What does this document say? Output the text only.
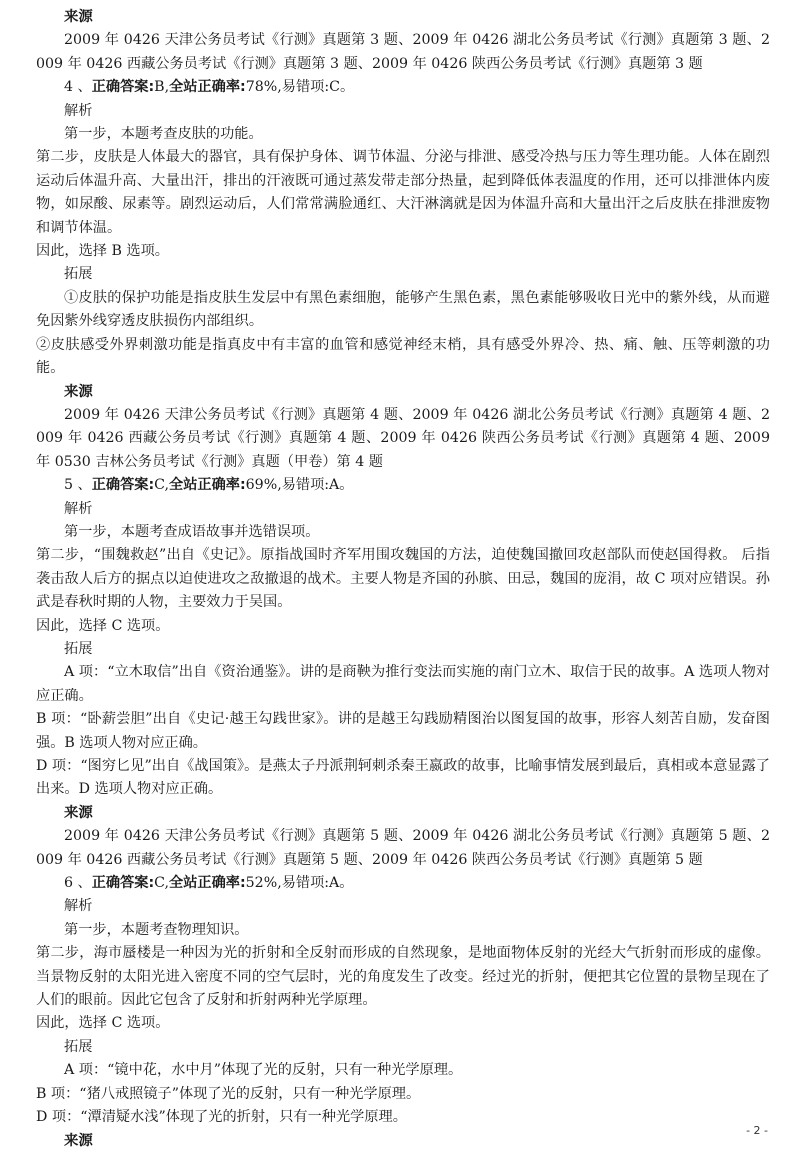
来源

2009 年 0426 天津公务员考试《行测》真题第 3 题、2009 年 0426 湖北公务员考试《行测》真题第 3 题、2009 年 0426 西藏公务员考试《行测》真题第 3 题、2009 年 0426 陕西公务员考试《行测》真题第 3 题

4 、正确答案:B,全站正确率:78%,易错项:C。

解析

第一步，本题考查皮肤的功能。

第二步，皮肤是人体最大的器官，具有保护身体、调节体温、分泌与排泄、感受冷热与压力等生理功能。人体在剧烈运动后体温升高、大量出汗，排出的汗液既可通过蒸发带走部分热量，起到降低体表温度的作用，还可以排泄体内废物，如尿酸、尿素等。剧烈运动后，人们常常满脸通红、大汗淋漓就是因为体温升高和大量出汗之后皮肤在排泄废物和调节体温。

因此，选择 B 选项。

拓展

①皮肤的保护功能是指皮肤生发层中有黑色素细胞，能够产生黑色素，黑色素能够吸收日光中的紫外线，从而避免因紫外线穿透皮肤损伤内部组织。

②皮肤感受外界刺激功能是指真皮中有丰富的血管和感觉神经末梢，具有感受外界冷、热、痛、触、压等刺激的功能。

来源

2009 年 0426 天津公务员考试《行测》真题第 4 题、2009 年 0426 湖北公务员考试《行测》真题第 4 题、2009 年 0426 西藏公务员考试《行测》真题第 4 题、2009 年 0426 陕西公务员考试《行测》真题第 4 题、2009 年 0530 吉林公务员考试《行测》真题（甲卷）第 4 题

5 、正确答案:C,全站正确率:69%,易错项:A。

解析

第一步，本题考查成语故事并选错误项。

第二步，“围魏救赵”出自《史记》。原指战国时齐军用围攻魏国的方法，迫使魏国撤回攻赵部队而使赵国得救。 后指袭击敌人后方的据点以迫使进攻之敌撤退的战术。主要人物是齐国的孙膑、田忌，魏国的庞涓，故 C 项对应错误。孙武是春秋时期的人物，主要效力于吴国。

因此，选择 C 选项。

拓展

A 项：“立木取信”出自《资治通鉴》。讲的是商鞅为推行变法而实施的南门立木、取信于民的故事。A 选项人物对应正确。

B 项：“卧薪尝胆”出自《史记·越王勾践世家》。讲的是越王勾践励精图治以图复国的故事，形容人刻苦自励，发奋图强。B 选项人物对应正确。

D 项：“图穷匕见”出自《战国策》。是燕太子丹派荆轲刺杀秦王嬴政的故事，比喻事情发展到最后，真相或本意显露了出来。D 选项人物对应正确。

来源

2009 年 0426 天津公务员考试《行测》真题第 5 题、2009 年 0426 湖北公务员考试《行测》真题第 5 题、2009 年 0426 西藏公务员考试《行测》真题第 5 题、2009 年 0426 陕西公务员考试《行测》真题第 5 题

6 、正确答案:C,全站正确率:52%,易错项:A。

解析

第一步，本题考查物理知识。

第二步，海市蜃楼是一种因为光的折射和全反射而形成的自然现象，是地面物体反射的光经大气折射而形成的虚像。当景物反射的太阳光进入密度不同的空气层时，光的角度发生了改变。经过光的折射，便把其它位置的景物呈现在了人们的眼前。因此它包含了反射和折射两种光学原理。

因此，选择 C 选项。

拓展

A 项：“镜中花，水中月”体现了光的反射，只有一种光学原理。

B 项：“猪八戒照镜子”体现了光的反射，只有一种光学原理。

D 项：“潭清疑水浅”体现了光的折射，只有一种光学原理。

来源

- 2 -
